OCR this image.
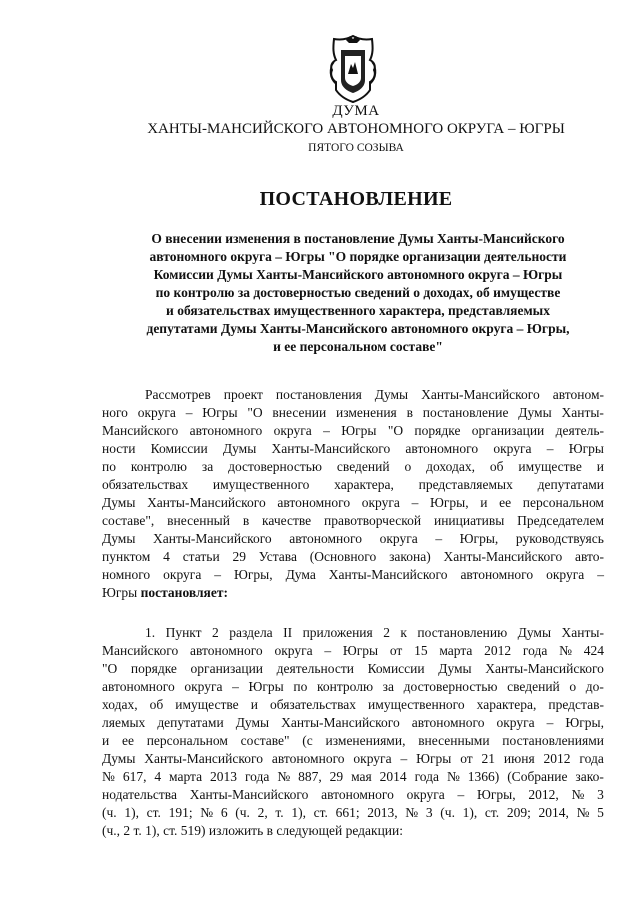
ДУМА
ХАНТЫ-МАНСИЙСКОГО АВТОНОМНОГО ОКРУГА – ЮГРЫ
ПЯТОГО СОЗЫВА
ПОСТАНОВЛЕНИЕ
О внесении изменения в постановление Думы Ханты-Мансийского
автономного округа – Югры "О порядке организации деятельности
Комиссии Думы Ханты-Мансийского автономного округа – Югры
по контролю за достоверностью сведений о доходах, об имуществе
и обязательствах имущественного характера, представляемых
депутатами Думы Ханты-Мансийского автономного округа – Югры,
и ее персональном составе"
Рассмотрев проект постановления Думы Ханты-Мансийского автоном-
ного округа – Югры "О внесении изменения в постановление Думы Ханты-
Мансийского автономного округа – Югры "О порядке организации деятель-
ности Комиссии Думы Ханты-Мансийского автономного округа – Югры
по контролю за достоверностью сведений о доходах, об имуществе и
обязательствах имущественного характера, представляемых депутатами
Думы Ханты-Мансийского автономного округа – Югры, и ее персональном
составе", внесенный в качестве правотворческой инициативы Председателем
Думы Ханты-Мансийского автономного округа – Югры, руководствуясь
пунктом 4 статьи 29 Устава (Основного закона) Ханты-Мансийского авто-
номного округа – Югры, Дума Ханты-Мансийского автономного округа –
Югры
постановляет:
1. Пункт 2 раздела II приложения 2 к постановлению Думы Ханты-
Мансийского автономного округа – Югры от 15 марта 2012 года № 424
"О порядке организации деятельности Комиссии Думы Ханты-Мансийского
автономного округа – Югры по контролю за достоверностью сведений о до-
ходах, об имуществе и обязательствах имущественного характера, представ-
ляемых депутатами Думы Ханты-Мансийского автономного округа – Югры,
и ее персональном составе" (с изменениями, внесенными постановлениями
Думы Ханты-Мансийского автономного округа – Югры от 21 июня 2012 года
№ 617, 4 марта 2013 года № 887, 29 мая 2014 года № 1366) (Собрание зако-
нодательства Ханты-Мансийского автономного округа – Югры, 2012, № 3
(ч. 1), ст. 191; № 6 (ч. 2, т. 1), ст. 661; 2013, № 3 (ч. 1), ст. 209; 2014, № 5
(ч., 2 т. 1), ст. 519) изложить в следующей редакции:
